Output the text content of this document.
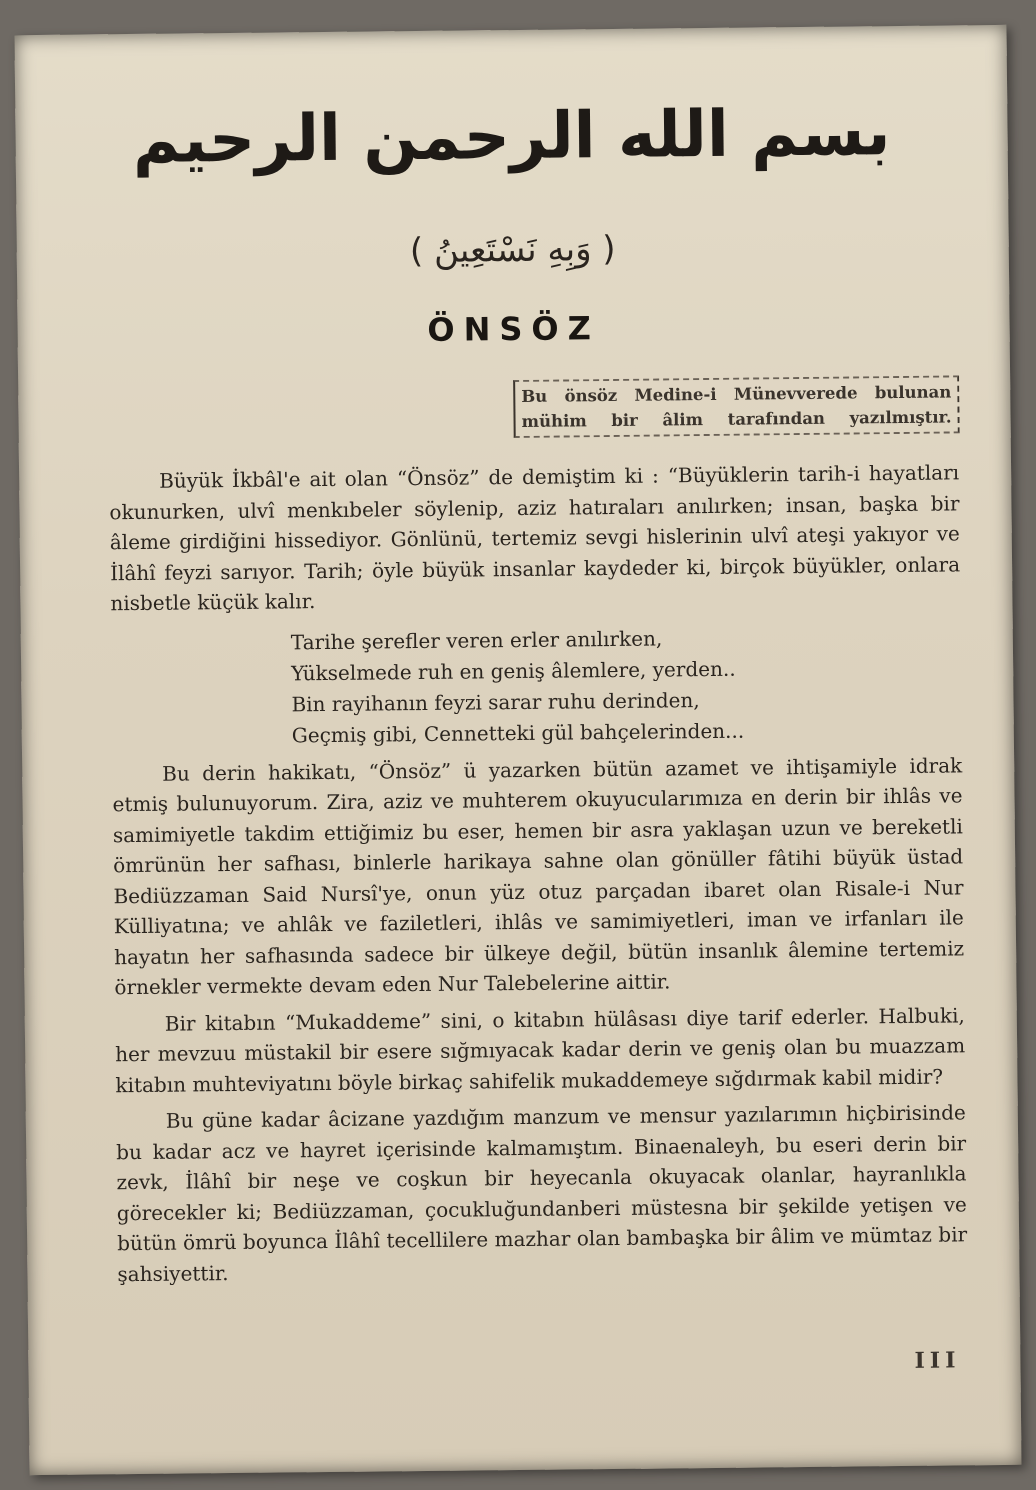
بسم الله الرحمن الرحيم
( وَبِهِ نَسْتَعِينُ )
ÖNSÖZ
Bu önsöz Medine-i Münevverede bulunan
mühim bir âlim tarafından yazılmıştır.

Büyük İkbâl'e ait olan “Önsöz” de demiştim ki : “Büyüklerin tarih-i hayatları okunurken, ulvî menkıbeler söylenip, aziz hatıraları anılırken; insan, başka bir âleme girdiğini hissediyor. Gönlünü, tertemiz sevgi hislerinin ulvî ateşi yakıyor ve İlâhî feyzi sarıyor. Tarih; öyle büyük insanlar kaydeder ki, birçok büyükler, onlara nisbetle küçük kalır.

Tarihe şerefler veren erler anılırken,
Yükselmede ruh en geniş âlemlere, yerden..
Bin rayihanın feyzi sarar ruhu derinden,
Geçmiş gibi, Cennetteki gül bahçelerinden...

Bu derin hakikatı, “Önsöz” ü yazarken bütün azamet ve ihtişamiyle idrak etmiş bulunuyorum. Zira, aziz ve muhterem okuyucularımıza en derin bir ihlâs ve samimiyetle takdim ettiğimiz bu eser, hemen bir asra yaklaşan uzun ve bereketli ömrünün her safhası, binlerle harikaya sahne olan gönüller fâtihi büyük üstad Bediüzzaman Said Nursî'ye, onun yüz otuz parçadan ibaret olan Risale-i Nur Külliyatına; ve ahlâk ve faziletleri, ihlâs ve samimiyetleri, iman ve irfanları ile hayatın her safhasında sadece bir ülkeye değil, bütün insanlık âlemine tertemiz örnekler vermekte devam eden Nur Talebelerine aittir.

Bir kitabın “Mukaddeme” sini, o kitabın hülâsası diye tarif ederler. Halbuki, her mevzuu müstakil bir esere sığmıyacak kadar derin ve geniş olan bu muazzam kitabın muhteviyatını böyle birkaç sahifelik mukaddemeye sığdırmak kabil midir?

Bu güne kadar âcizane yazdığım manzum ve mensur yazılarımın hiçbirisinde bu kadar acz ve hayret içerisinde kalmamıştım. Binaenaleyh, bu eseri derin bir zevk, İlâhî bir neşe ve coşkun bir heyecanla okuyacak olanlar, hayranlıkla görecekler ki; Bediüzzaman, çocukluğundanberi müstesna bir şekilde yetişen ve bütün ömrü boyunca İlâhî tecellilere mazhar olan bambaşka bir âlim ve mümtaz bir şahsiyettir.

III
